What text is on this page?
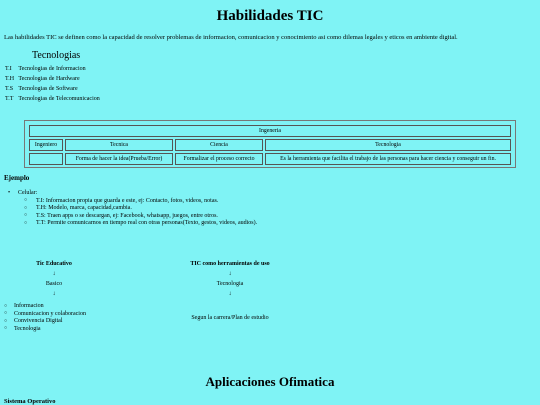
Habilidades TIC
Las habilidades TIC se definen como la capacidad de resolver problemas de informacion, comunicacion y conocimiento asi como dilemas legales y eticos en ambiente digital.
Tecnologias
T.I Tecnologias de Informacion
T.H Tecnologias de Hardware
T.S Tecnologias de Software
T.T Tecnologias de Telecomunicacion
Ingeneria			
Ingeniero	Tecnica	Ciencia	Tecnologia
	Forma de hacer la idea(Prueba/Error)	Formalizar el proceso correcto	Es la herramienta que facilita el trabajo de las personas para hacer ciencia y conseguir un fin.
Ejemplo
• Celular:
○ T.I: Informacion propia que guarda e este, ej: Contacto, fotos, videos, notas.
○ T.H: Modelo, marca, capacidad,cambia.
○ T.S: Traen apps o se descargan, ej: Facebook, whatsapp, juegos, entre otros.
○ T.T: Permite comunicarnos en tiempo real con otras personas(Texto, gestos, videos, audios).
Tic Educativo
↓
Basico
↓
TIC como herramientas de uso
↓
Tecnologia
↓
○ Informacion
○ Comunicacion y colaboracion
○ Convivencia Digital
○ Tecnologia
Segun la carrera/Plan de estudio
Aplicaciones Ofimatica
Sistema Operativo
